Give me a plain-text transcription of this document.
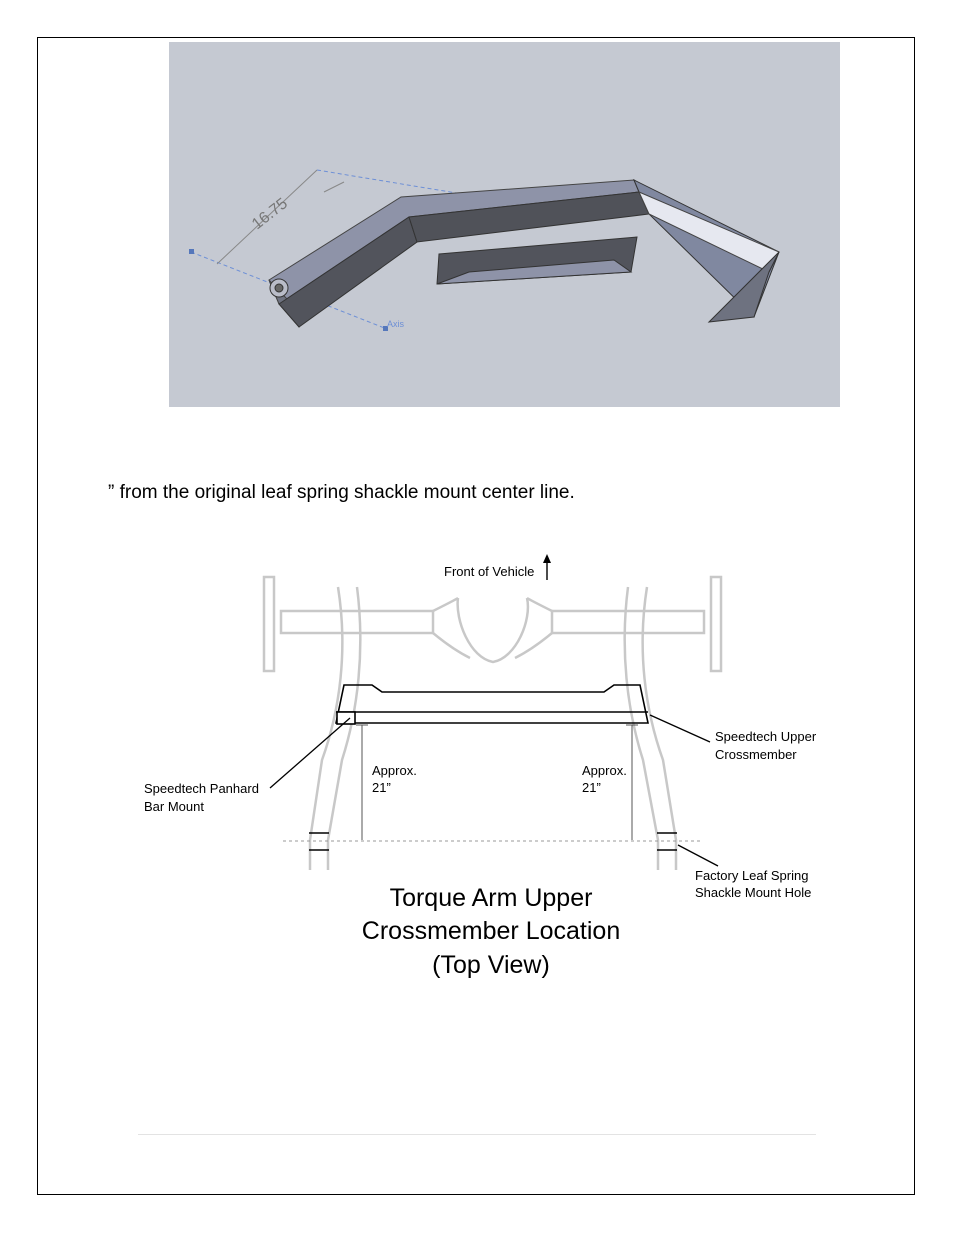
16.75
Axis
” from the original leaf spring shackle mount center line.
Front of Vehicle
Speedtech Panhard
Bar Mount
Speedtech Upper
Crossmember
Approx.
21”
Approx.
21”
Factory Leaf Spring
Shackle Mount Hole
Torque Arm Upper
Crossmember Location
(Top View)
